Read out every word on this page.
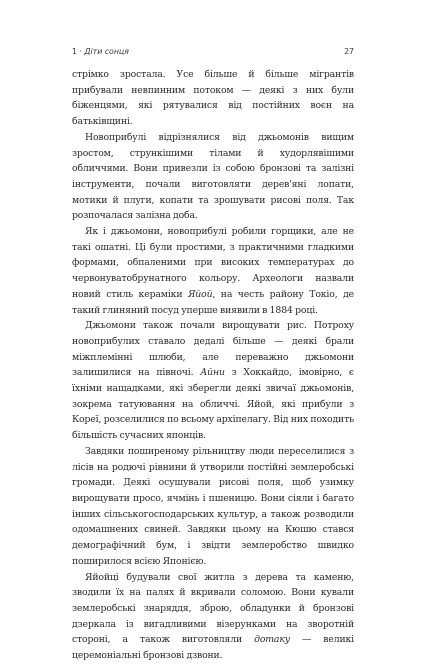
1 · Діти сонця	27

стрімко зростала. Усе більше й більше мігрантів прибували невпинним потоком — деякі з них були біженцями, які рятувалися від постійних воєн на батьківщині.

Новоприбулі відрізнялися від джьомонів вищим зростом, стрункішими тілами й худорлявішими обличчями. Вони привезли із собою бронзові та залізні інструменти, почали виготовляти дерев'яні лопати, мотики й плуги, копати та зрошувати рисові поля. Так розпочалася залізна доба.

Як і джьомони, новоприбулі робили горщики, але не такі ошатні. Ці були простими, з практичними гладкими формами, обпаленими при високих температурах до червонуватобрунатного кольору. Археологи назвали новий стиль кераміки Яйой, на честь району Токіо, де такий глиняний посуд уперше виявили в 1884 році.

Джьомони також почали вирощувати рис. Потроху новоприбулих ставало дедалі більше — деякі брали міжплемінні шлюби, але переважно джьомони залишилися на півночі. Айни з Хоккайдо, імовірно, є їхніми нащадками, які зберегли деякі звичаї джьомонів, зокрема татуювання на обличчі. Яйой, які прибули з Кореї, розселилися по всьому архіпелагу. Від них походить більшість сучасних японців.

Завдяки поширеному рільництву люди переселилися з лісів на родючі рівнини й утворили постійні землеробські громади. Деякі осушували рисові поля, щоб узимку вирощувати просо, ячмінь і пшеницю. Вони сіяли і багато інших сільськогосподарських культур, а також розводили одомашнених свиней. Завдяки цьому на Кюшю стався демографічний бум, і звідти землеробство швидко поширилося всією Японією.

Яйойці будували свої житла з дерева та каменю, зводили їх на палях й вкривали соломою. Вони кували землеробські знаряддя, зброю, обладунки й бронзові дзеркала із вигадливими візерунками на зворотній стороні, а також виготовляли дотаку — великі церемоніальні бронзові дзвони.
